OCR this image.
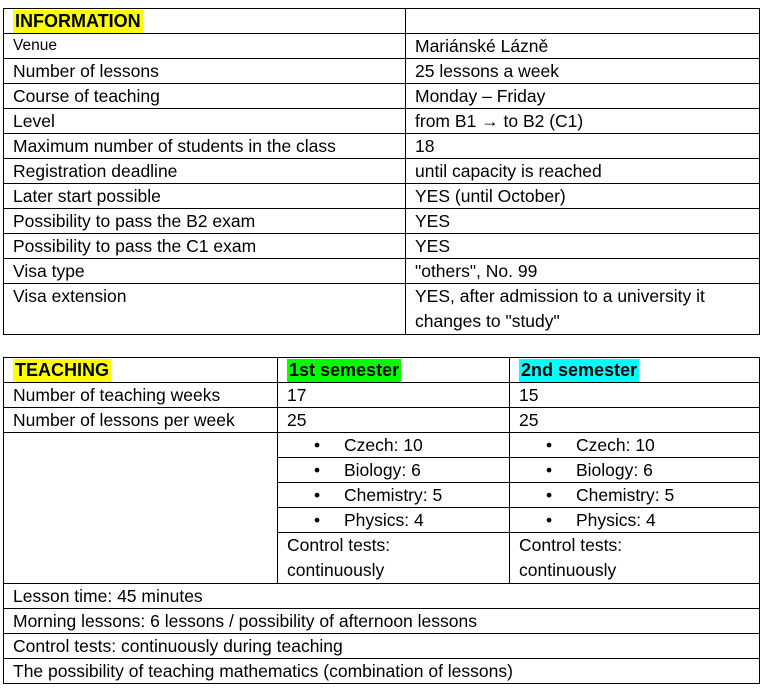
INFORMATION	
Venue	Mariánské Lázně
Number of lessons	25 lessons a week
Course of teaching	Monday – Friday
Level	from B1 → to B2 (C1)
Maximum number of students in the class	18
Registration deadline	until capacity is reached
Later start possible	YES (until October)
Possibility to pass the B2 exam	YES
Possibility to pass the C1 exam	YES
Visa type	"others", No. 99
Visa extension	YES, after admission to a university it changes to "study"
TEACHING	1st semester	2nd semester
Number of teaching weeks	17	15
Number of lessons per week	25	25
	• Czech: 10	• Czech: 10
	• Biology: 6	• Biology: 6
	• Chemistry: 5	• Chemistry: 5
	• Physics: 4	• Physics: 4
	Control tests: continuously	Control tests: continuously
Lesson time: 45 minutes		
Morning lessons: 6 lessons / possibility of afternoon lessons		
Control tests: continuously during teaching		
The possibility of teaching mathematics (combination of lessons)		
